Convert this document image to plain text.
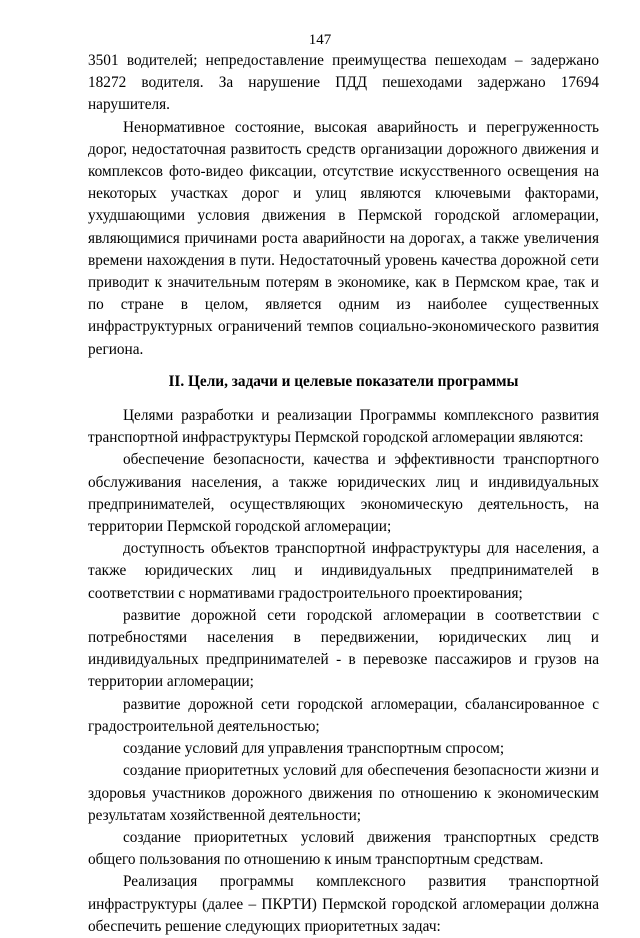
147

3501 водителей; непредоставление преимущества пешеходам – задержано 18272 водителя. За нарушение ПДД пешеходами задержано 17694 нарушителя.

Ненормативное состояние, высокая аварийность и перегруженность дорог, недостаточная развитость средств организации дорожного движения и комплексов фото-видео фиксации, отсутствие искусственного освещения на некоторых участках дорог и улиц являются ключевыми факторами, ухудшающими условия движения в Пермской городской агломерации, являющимися причинами роста аварийности на дорогах, а также увеличения времени нахождения в пути. Недостаточный уровень качества дорожной сети приводит к значительным потерям в экономике, как в Пермском крае, так и по стране в целом, является одним из наиболее существенных инфраструктурных ограничений темпов социально-экономического развития региона.

II. Цели, задачи и целевые показатели программы

Целями разработки и реализации Программы комплексного развития транспортной инфраструктуры Пермской городской агломерации являются:

обеспечение безопасности, качества и эффективности транспортного обслуживания населения, а также юридических лиц и индивидуальных предпринимателей, осуществляющих экономическую деятельность, на территории Пермской городской агломерации;

доступность объектов транспортной инфраструктуры для населения, а также юридических лиц и индивидуальных предпринимателей в соответствии с нормативами градостроительного проектирования;

развитие дорожной сети городской агломерации в соответствии с потребностями населения в передвижении, юридических лиц и индивидуальных предпринимателей - в перевозке пассажиров и грузов на территории агломерации;

развитие дорожной сети городской агломерации, сбалансированное с градостроительной деятельностью;

создание условий для управления транспортным спросом;

создание приоритетных условий для обеспечения безопасности жизни и здоровья участников дорожного движения по отношению к экономическим результатам хозяйственной деятельности;

создание приоритетных условий движения транспортных средств общего пользования по отношению к иным транспортным средствам.

Реализация программы комплексного развития транспортной инфраструктуры (далее – ПКРТИ) Пермской городской агломерации должна обеспечить решение следующих приоритетных задач:
